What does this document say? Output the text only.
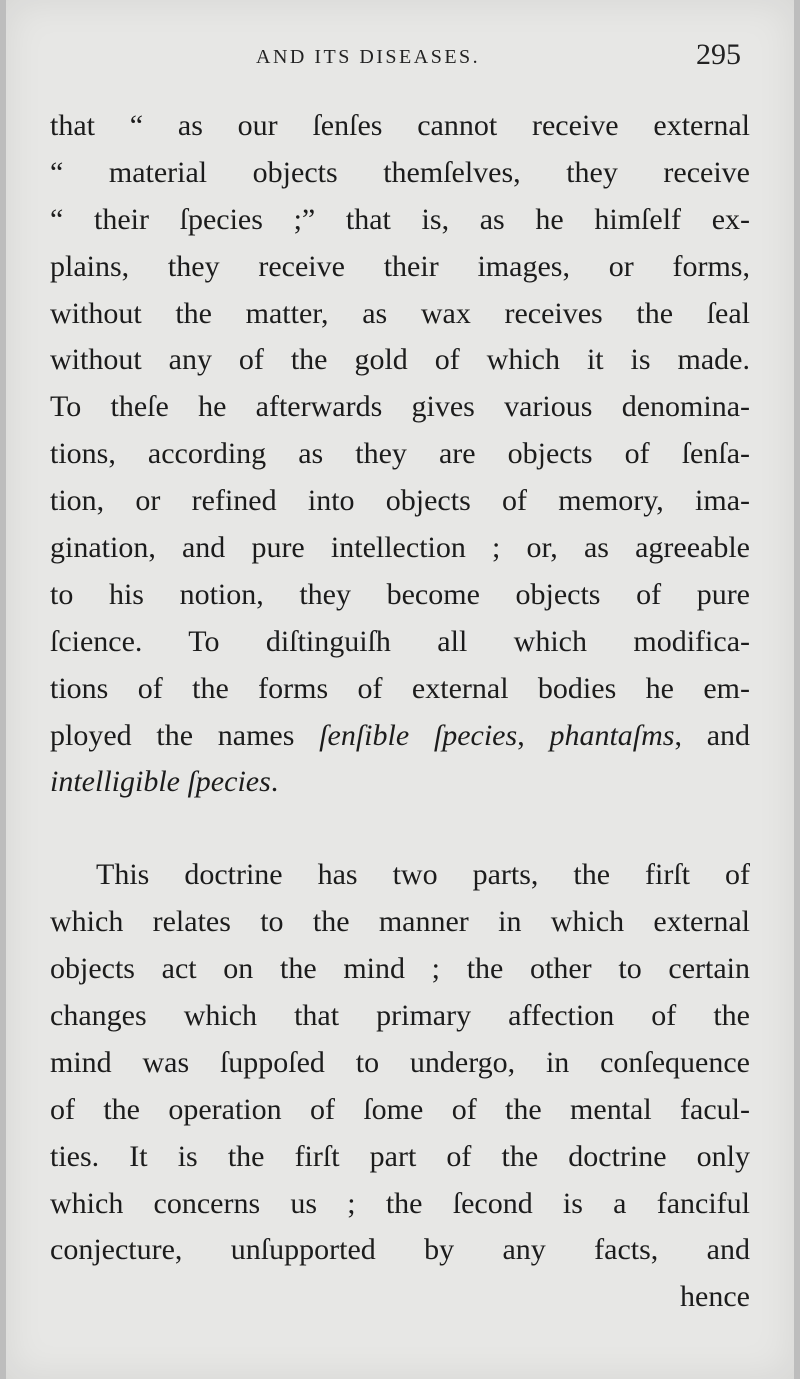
AND ITS DISEASES.	295
that “ as our ſenſes cannot receive external
“ material objects themſelves, they receive
“ their ſpecies ;” that is, as he himſelf ex-
plains, they receive their images, or forms,
without the matter, as wax receives the ſeal
without any of the gold of which it is made.
To theſe he afterwards gives various denomina-
tions, according as they are objects of ſenſa-
tion, or refined into objects of memory, ima-
gination, and pure intellection ; or, as agreeable
to his notion, they become objects of pure
ſcience. To diſtinguiſh all which modifica-
tions of the forms of external bodies he em-
ployed the names ſenſible ſpecies, phantaſms, and
intelligible ſpecies.
This doctrine has two parts, the firſt of
which relates to the manner in which external
objects act on the mind ; the other to certain
changes which that primary affection of the
mind was ſuppoſed to undergo, in conſequence
of the operation of ſome of the mental facul-
ties. It is the firſt part of the doctrine only
which concerns us ; the ſecond is a fanciful
conjecture, unſupported by any facts, and
hence
